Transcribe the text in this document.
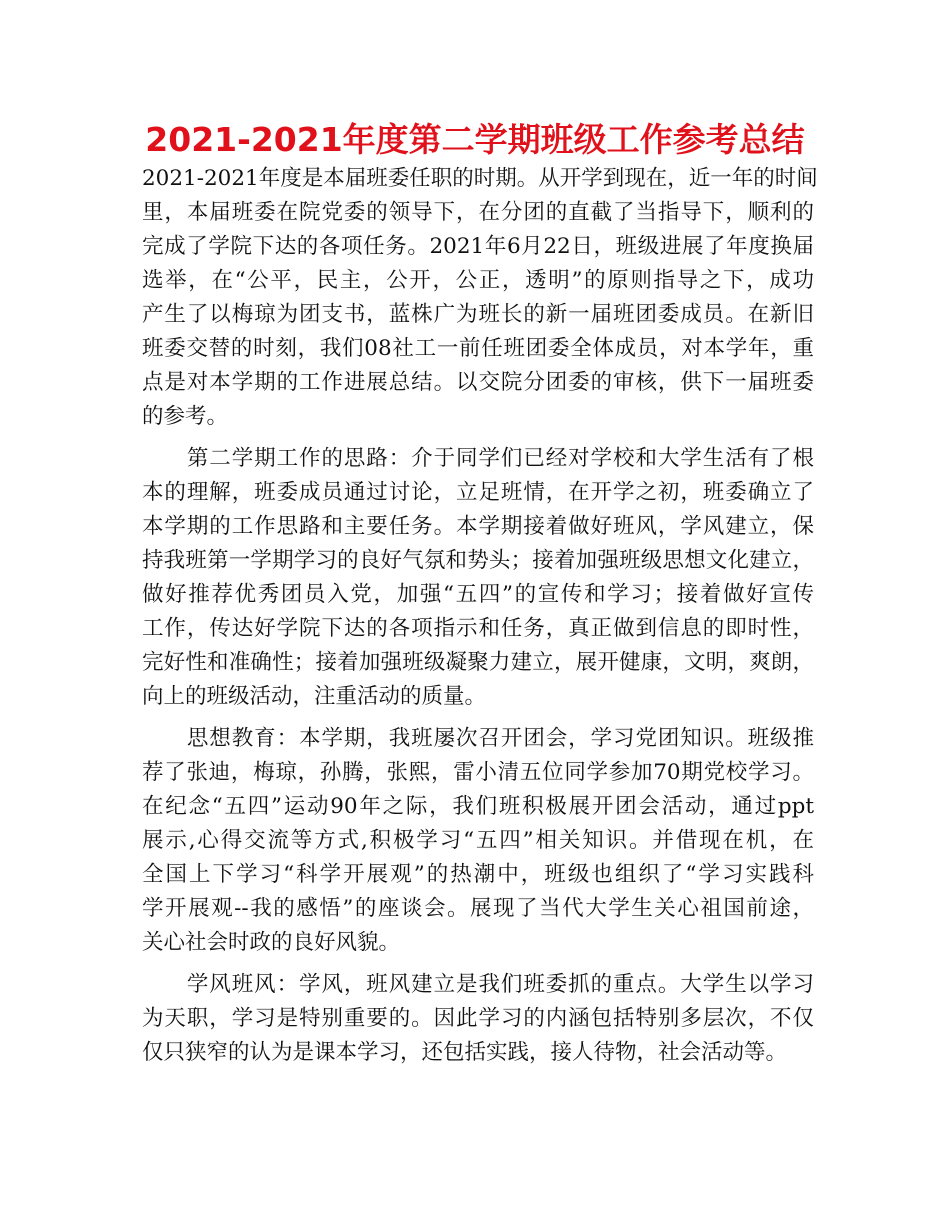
2021-2021年度第二学期班级工作参考总结
2021-2021年度是本届班委任职的时期。从开学到现在，近一年的时间
里，本届班委在院党委的领导下，在分团的直截了当指导下，顺利的
完成了学院下达的各项任务。2021年6月22日，班级进展了年度换届
选举，在“公平，民主，公开，公正，透明”的原则指导之下，成功
产生了以梅琼为团支书，蓝株广为班长的新一届班团委成员。在新旧
班委交替的时刻，我们08社工一前任班团委全体成员，对本学年，重
点是对本学期的工作进展总结。以交院分团委的审核，供下一届班委
的参考。
　　第二学期工作的思路：介于同学们已经对学校和大学生活有了根
本的理解，班委成员通过讨论，立足班情，在开学之初，班委确立了
本学期的工作思路和主要任务。本学期接着做好班风，学风建立，保
持我班第一学期学习的良好气氛和势头；接着加强班级思想文化建立，
做好推荐优秀团员入党，加强“五四”的宣传和学习；接着做好宣传
工作，传达好学院下达的各项指示和任务，真正做到信息的即时性，
完好性和准确性；接着加强班级凝聚力建立，展开健康，文明，爽朗，
向上的班级活动，注重活动的质量。
　　思想教育：本学期，我班屡次召开团会，学习党团知识。班级推
荐了张迪，梅琼，孙腾，张熙，雷小清五位同学参加70期党校学习。
在纪念“五四”运动90年之际，我们班积极展开团会活动，通过ppt
展示,心得交流等方式,积极学习“五四”相关知识。并借现在机，在
全国上下学习“科学开展观”的热潮中，班级也组织了“学习实践科
学开展观--我的感悟”的座谈会。展现了当代大学生关心祖国前途，
关心社会时政的良好风貌。
　　学风班风：学风，班风建立是我们班委抓的重点。大学生以学习
为天职，学习是特别重要的。因此学习的内涵包括特别多层次，不仅
仅只狭窄的认为是课本学习，还包括实践，接人待物，社会活动等。
